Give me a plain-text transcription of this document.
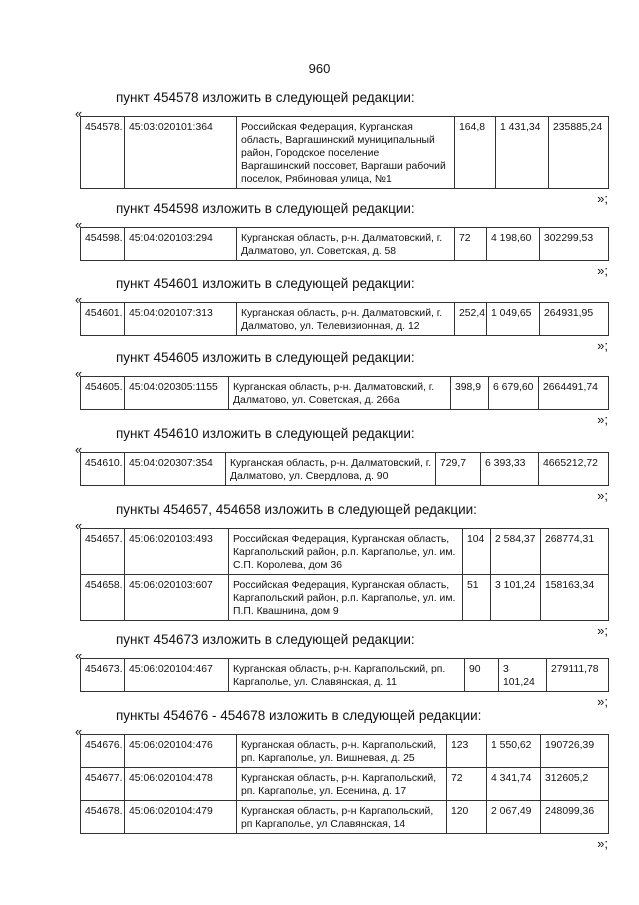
960
пункт 454578 изложить в следующей редакции:
«
454578.	45:03:020101:364	Российская Федерация, Курганская область, Варгашинский муниципальный район, Городское поселение Варгашинский поссовет, Варгаши рабочий поселок, Рябиновая улица, №1	164,8	1 431,34	235885,24
»;
пункт 454598 изложить в следующей редакции:
«
454598.	45:04:020103:294	Курганская область, р-н. Далматовский, г. Далматово, ул. Советская, д. 58	72	4 198,60	302299,53
»;
пункт 454601 изложить в следующей редакции:
«
454601.	45:04:020107:313	Курганская область, р-н. Далматовский, г. Далматово, ул. Телевизионная, д. 12	252,4	1 049,65	264931,95
»;
пункт 454605 изложить в следующей редакции:
«
454605.	45:04:020305:1155	Курганская область, р-н. Далматовский, г. Далматово, ул. Советская, д. 266а	398,9	6 679,60	2664491,74
»;
пункт 454610 изложить в следующей редакции:
«
454610.	45:04:020307:354	Курганская область, р-н. Далматовский, г. Далматово, ул. Свердлова, д. 90	729,7	6 393,33	4665212,72
»;
пункты 454657, 454658 изложить в следующей редакции:
«
454657.	45:06:020103:493	Российская Федерация, Курганская область, Каргапольский район, р.п. Каргаполье, ул. им. С.П. Королева, дом 36	104	2 584,37	268774,31
454658.	45:06:020103:607	Российская Федерация, Курганская область, Каргапольский район, р.п. Каргаполье, ул. им. П.П. Квашнина, дом 9	51	3 101,24	158163,34
»;
пункт 454673 изложить в следующей редакции:
«
454673.	45:06:020104:467	Курганская область, р-н. Каргапольский, рп. Каргаполье, ул. Славянская, д. 11	90	3 101,24	279111,78
»;
пункты 454676 - 454678 изложить в следующей редакции:
«
454676.	45:06:020104:476	Курганская область, р-н. Каргапольский, рп. Каргаполье, ул. Вишневая, д. 25	123	1 550,62	190726,39
454677.	45:06:020104:478	Курганская область, р-н. Каргапольский, рп. Каргаполье, ул. Есенина, д. 17	72	4 341,74	312605,2
454678.	45:06:020104:479	Курганская область, р-н Каргапольский, рп Каргаполье, ул Славянская, 14	120	2 067,49	248099,36
»;
